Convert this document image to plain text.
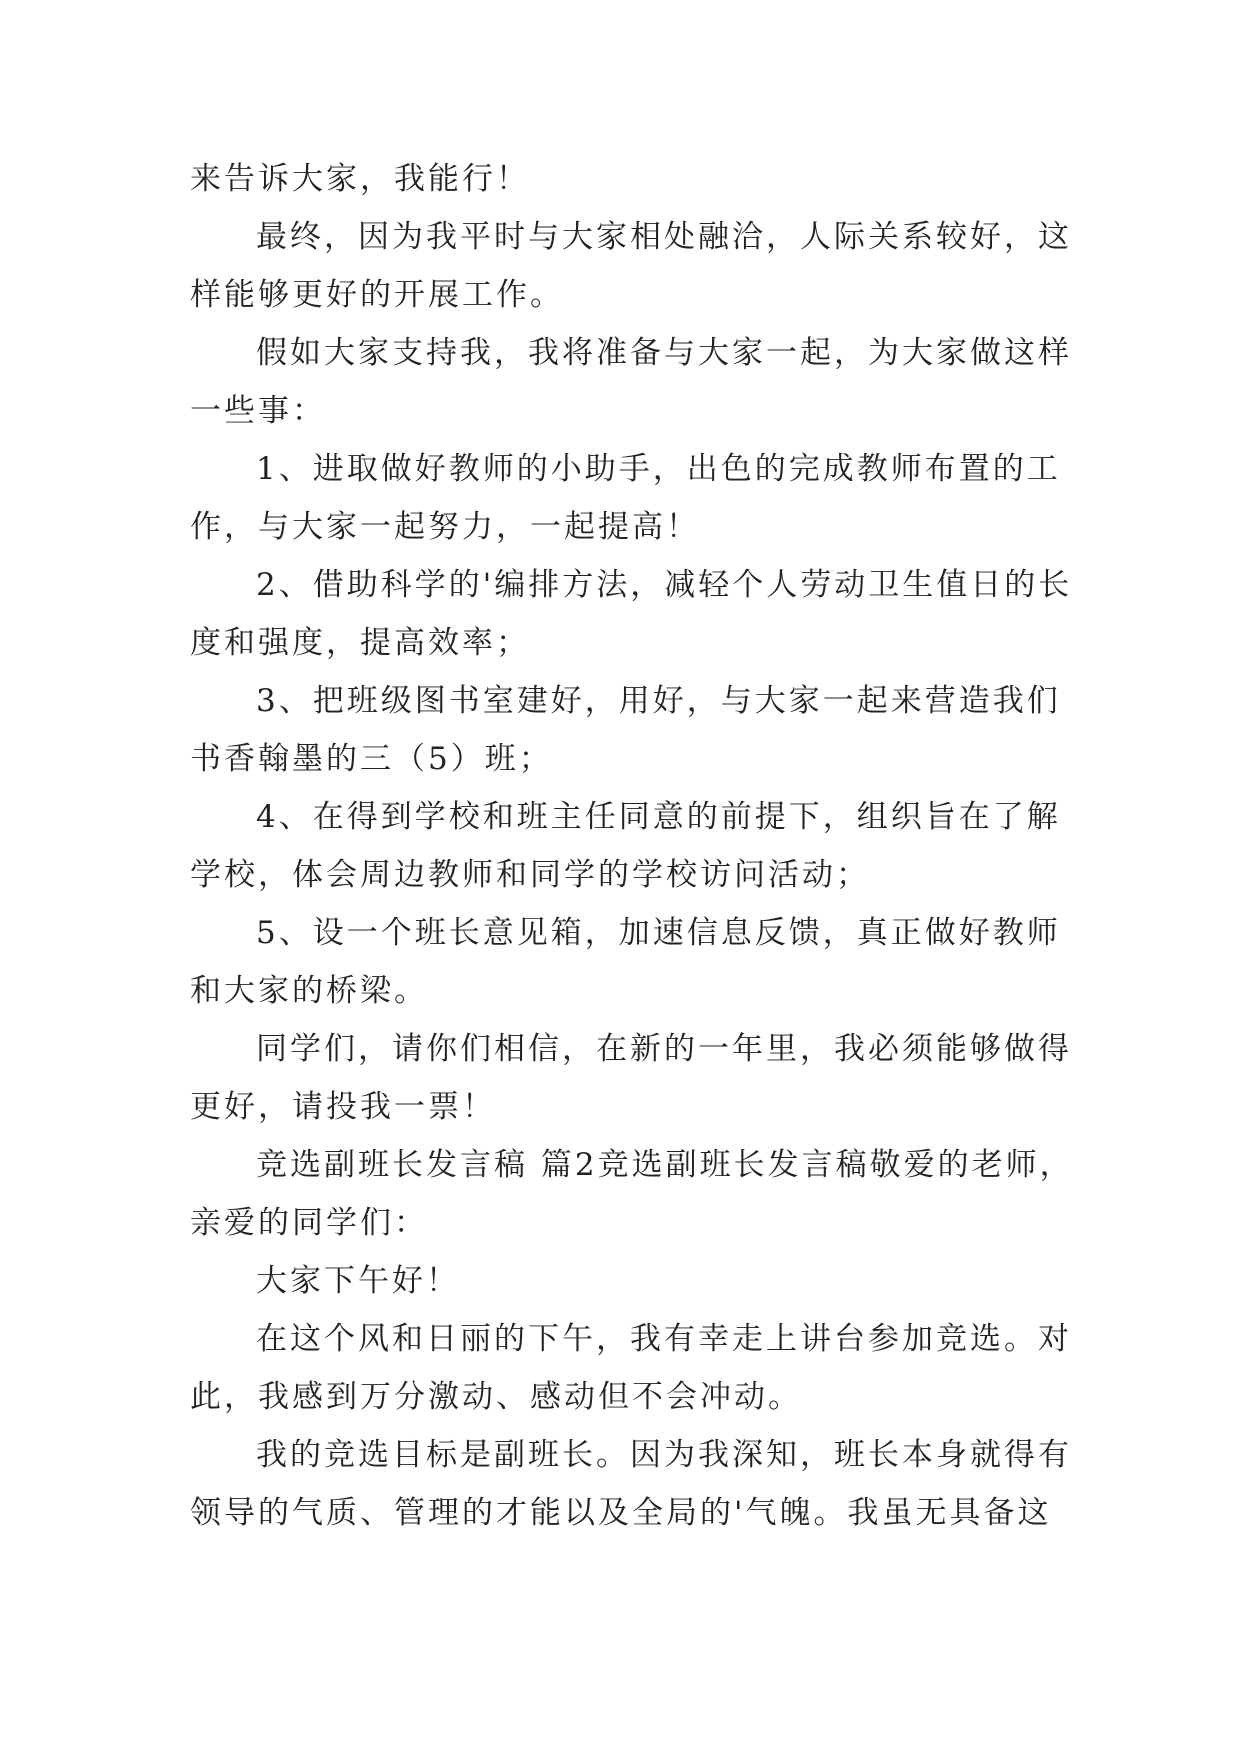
来告诉大家，我能行！
最终，因为我平时与大家相处融洽，人际关系较好，这
样能够更好的开展工作。
假如大家支持我，我将准备与大家一起，为大家做这样
一些事：
1、进取做好教师的小助手，出色的完成教师布置的工
作，与大家一起努力，一起提高！
2、借助科学的'编排方法，减轻个人劳动卫生值日的长
度和强度，提高效率；
3、把班级图书室建好，用好，与大家一起来营造我们
书香翰墨的三（5）班；
4、在得到学校和班主任同意的前提下，组织旨在了解
学校，体会周边教师和同学的学校访问活动；
5、设一个班长意见箱，加速信息反馈，真正做好教师
和大家的桥梁。
同学们，请你们相信，在新的一年里，我必须能够做得
更好，请投我一票！
竞选副班长发言稿 篇2竞选副班长发言稿敬爱的老师，
亲爱的同学们：
大家下午好！
在这个风和日丽的下午，我有幸走上讲台参加竞选。对
此，我感到万分激动、感动但不会冲动。
我的竞选目标是副班长。因为我深知，班长本身就得有
领导的气质、管理的才能以及全局的'气魄。我虽无具备这
